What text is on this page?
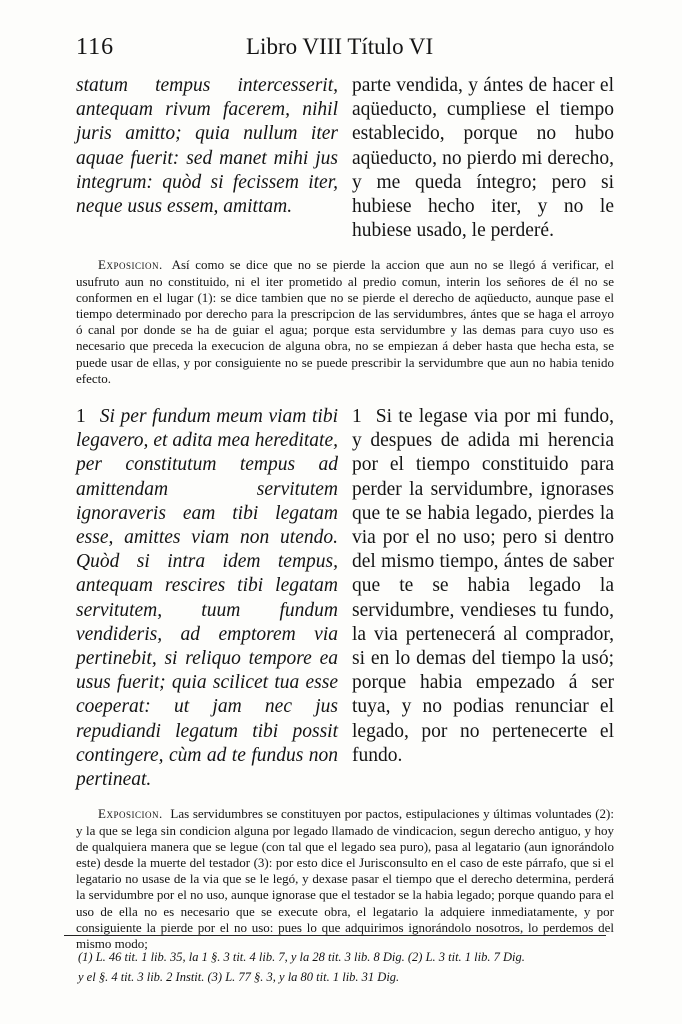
116	Libro VIII Título VI

statum tempus intercesserit, antequam rivum facerem, nihil juris amitto; quia nullum iter aquae fuerit: sed manet mihi jus integrum: quòd si fecissem iter, neque usus essem, amittam.

parte vendida, y ántes de hacer el aqüeducto, cumpliese el tiempo establecido, porque no hubo aqüeducto, no pierdo mi derecho, y me queda íntegro; pero si hubiese hecho iter, y no le hubiese usado, le perderé.

Exposicion. Así como se dice que no se pierde la accion que aun no se llegó á verificar, el usufruto aun no constituido, ni el iter prometido al predio comun, interin los señores de él no se conformen en el lugar (1): se dice tambien que no se pierde el derecho de aqüeducto, aunque pase el tiempo determinado por derecho para la prescripcion de las servidumbres, ántes que se haga el arroyo ó canal por donde se ha de guiar el agua; porque esta servidumbre y las demas para cuyo uso es necesario que preceda la execucion de alguna obra, no se empiezan á deber hasta que hecha esta, se puede usar de ellas, y por consiguiente no se puede prescribir la servidumbre que aun no habia tenido efecto.

1 Si per fundum meum viam tibi legavero, et adita mea hereditate, per constitutum tempus ad amittendam servitutem ignoraveris eam tibi legatam esse, amittes viam non utendo. Quòd si intra idem tempus, antequam rescires tibi legatam servitutem, tuum fundum vendideris, ad emptorem via pertinebit, si reliquo tempore ea usus fuerit; quia scilicet tua esse coeperat: ut jam nec jus repudiandi legatum tibi possit contingere, cùm ad te fundus non pertineat.

1 Si te legase via por mi fundo, y despues de adida mi herencia por el tiempo constituido para perder la servidumbre, ignorases que te se habia legado, pierdes la via por el no uso; pero si dentro del mismo tiempo, ántes de saber que te se habia legado la servidumbre, vendieses tu fundo, la via pertenecerá al comprador, si en lo demas del tiempo la usó; porque habia empezado á ser tuya, y no podias renunciar el legado, por no pertenecerte el fundo.

Exposicion. Las servidumbres se constituyen por pactos, estipulaciones y últimas voluntades (2): y la que se lega sin condicion alguna por legado llamado de vindicacion, segun derecho antiguo, y hoy de qualquiera manera que se legue (con tal que el legado sea puro), pasa al legatario (aun ignorándolo este) desde la muerte del testador (3): por esto dice el Jurisconsulto en el caso de este párrafo, que si el legatario no usase de la via que se le legó, y dexase pasar el tiempo que el derecho determina, perderá la servidumbre por el no uso, aunque ignorase que el testador se la habia legado; porque quando para el uso de ella no es necesario que se execute obra, el legatario la adquiere inmediatamente, y por consiguiente la pierde por el no uso: pues lo que adquirimos ignorándolo nosotros, lo perdemos del mismo modo;

(1) L. 46 tit. 1 lib. 35, la 1 §. 3 tit. 4 lib. 7, y la 28 tit. 3 lib. 8 Dig. (2) L. 3 tit. 1 lib. 7 Dig.

y el §. 4 tit. 3 lib. 2 Instit. (3) L. 77 §. 3, y la 80 tit. 1 lib. 31 Dig.
